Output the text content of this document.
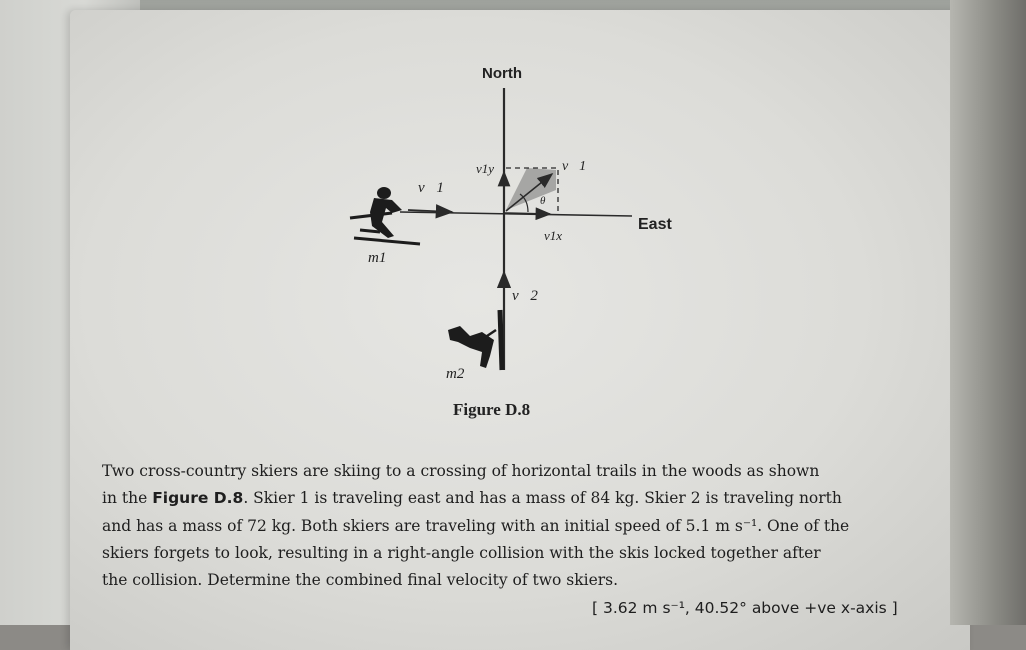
North
East
v⃗1
v1y	v⃗1
θ
v1x
m1
v⃗2
m2
Figure D.8
Two cross-country skiers are skiing to a crossing of horizontal trails in the woods as shown
in the Figure D.8. Skier 1 is traveling east and has a mass of 84 kg. Skier 2 is traveling north
and has a mass of 72 kg. Both skiers are traveling with an initial speed of 5.1 m s⁻¹. One of the
skiers forgets to look, resulting in a right-angle collision with the skis locked together after
the collision. Determine the combined final velocity of two skiers.
[ 3.62 m s⁻¹, 40.52° above +ve x-axis ]
